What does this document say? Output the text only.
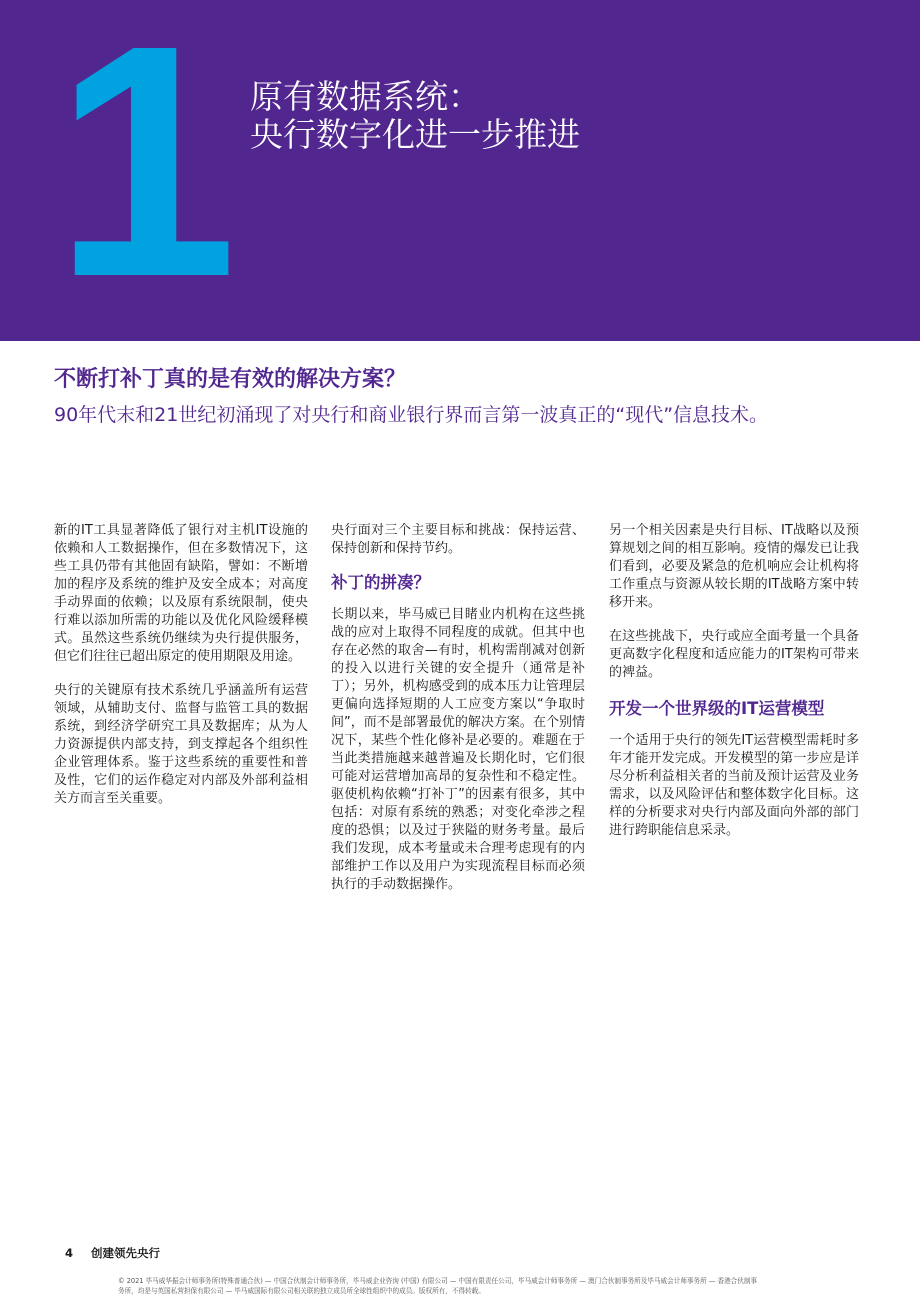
1 原有数据系统：
央行数字化进一步推进
不断打补丁真的是有效的解决方案？
90年代末和21世纪初涌现了对央行和商业银行界而言第一波真正的“现代”信息技术。

新的IT工具显著降低了银行对主机IT设施的依赖和人工数据操作，但在多数情况下，这些工具仍带有其他固有缺陷，譬如：不断增加的程序及系统的维护及安全成本；对高度手动界面的依赖；以及原有系统限制，使央行难以添加所需的功能以及优化风险缓释模式。虽然这些系统仍继续为央行提供服务，但它们往往已超出原定的使用期限及用途。

央行的关键原有技术系统几乎涵盖所有运营领域，从辅助支付、监督与监管工具的数据系统，到经济学研究工具及数据库；从为人力资源提供内部支持，到支撑起各个组织性企业管理体系。鉴于这些系统的重要性和普及性，它们的运作稳定对内部及外部利益相关方而言至关重要。

央行面对三个主要目标和挑战：保持运营、保持创新和保持节约。

补丁的拼凑？

长期以来，毕马威已目睹业内机构在这些挑战的应对上取得不同程度的成就。但其中也存在必然的取舍—有时，机构需削减对创新的投入以进行关键的安全提升（通常是补丁）；另外，机构感受到的成本压力让管理层更偏向选择短期的人工应变方案以“争取时间”，而不是部署最优的解决方案。在个别情况下，某些个性化修补是必要的。难题在于当此类措施越来越普遍及长期化时，它们很可能对运营增加高昂的复杂性和不稳定性。驱使机构依赖“打补丁”的因素有很多，其中包括：对原有系统的熟悉；对变化牵涉之程度的恐惧；以及过于狭隘的财务考量。最后我们发现，成本考量或未合理考虑现有的内部维护工作以及用户为实现流程目标而必须执行的手动数据操作。

另一个相关因素是央行目标、IT战略以及预算规划之间的相互影响。疫情的爆发已让我们看到，必要及紧急的危机响应会让机构将工作重点与资源从较长期的IT战略方案中转移开来。

在这些挑战下，央行或应全面考量一个具备更高数字化程度和适应能力的IT架构可带来的裨益。

开发一个世界级的IT运营模型

一个适用于央行的领先IT运营模型需耗时多年才能开发完成。开发模型的第一步应是详尽分析利益相关者的当前及预计运营及业务需求，以及风险评估和整体数字化目标。这样的分析要求对央行内部及面向外部的部门进行跨职能信息采录。

4 创建领先央行
© 2021 毕马威华振会计师事务所(特殊普通合伙) — 中国合伙制会计师事务所，毕马威企业咨询 (中国) 有限公司 — 中国有限责任公司，毕马威会计师事务所 — 澳门合伙制事务所及毕马威会计师事务所 — 香港合伙制事务所，均是与英国私营担保有限公司 — 毕马威国际有限公司相关联的独立成员所全球性组织中的成员。版权所有，不得转载。
